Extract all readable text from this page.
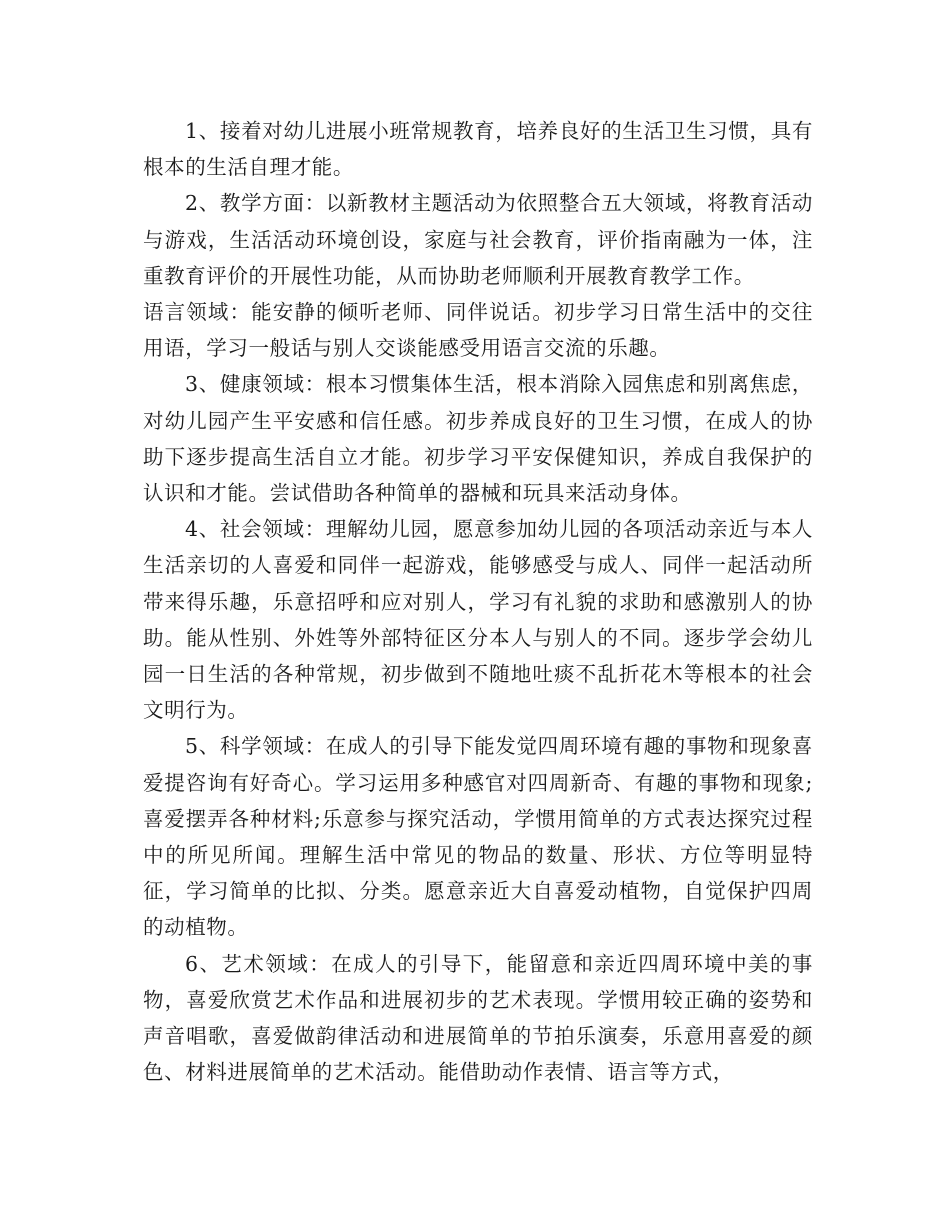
1、接着对幼儿进展小班常规教育，培养良好的生活卫生习惯，具有根本的生活自理才能。

2、教学方面：以新教材主题活动为依照整合五大领域，将教育活动与游戏，生活活动环境创设，家庭与社会教育，评价指南融为一体，注重教育评价的开展性功能，从而协助老师顺利开展教育教学工作。

语言领域：能安静的倾听老师、同伴说话。初步学习日常生活中的交往用语，学习一般话与别人交谈能感受用语言交流的乐趣。

3、健康领域：根本习惯集体生活，根本消除入园焦虑和别离焦虑，对幼儿园产生平安感和信任感。初步养成良好的卫生习惯，在成人的协助下逐步提高生活自立才能。初步学习平安保健知识，养成自我保护的认识和才能。尝试借助各种简单的器械和玩具来活动身体。

4、社会领域：理解幼儿园，愿意参加幼儿园的各项活动亲近与本人生活亲切的人喜爱和同伴一起游戏，能够感受与成人、同伴一起活动所带来得乐趣，乐意招呼和应对别人，学习有礼貌的求助和感激别人的协助。能从性别、外姓等外部特征区分本人与别人的不同。逐步学会幼儿园一日生活的各种常规，初步做到不随地吐痰不乱折花木等根本的社会文明行为。

5、科学领域：在成人的引导下能发觉四周环境有趣的事物和现象喜爱提咨询有好奇心。学习运用多种感官对四周新奇、有趣的事物和现象;喜爱摆弄各种材料;乐意参与探究活动，学惯用简单的方式表达探究过程中的所见所闻。理解生活中常见的物品的数量、形状、方位等明显特征，学习简单的比拟、分类。愿意亲近大自喜爱动植物，自觉保护四周的动植物。

6、艺术领域：在成人的引导下，能留意和亲近四周环境中美的事物，喜爱欣赏艺术作品和进展初步的艺术表现。学惯用较正确的姿势和声音唱歌，喜爱做韵律活动和进展简单的节拍乐演奏，乐意用喜爱的颜色、材料进展简单的艺术活动。能借助动作表情、语言等方式，
